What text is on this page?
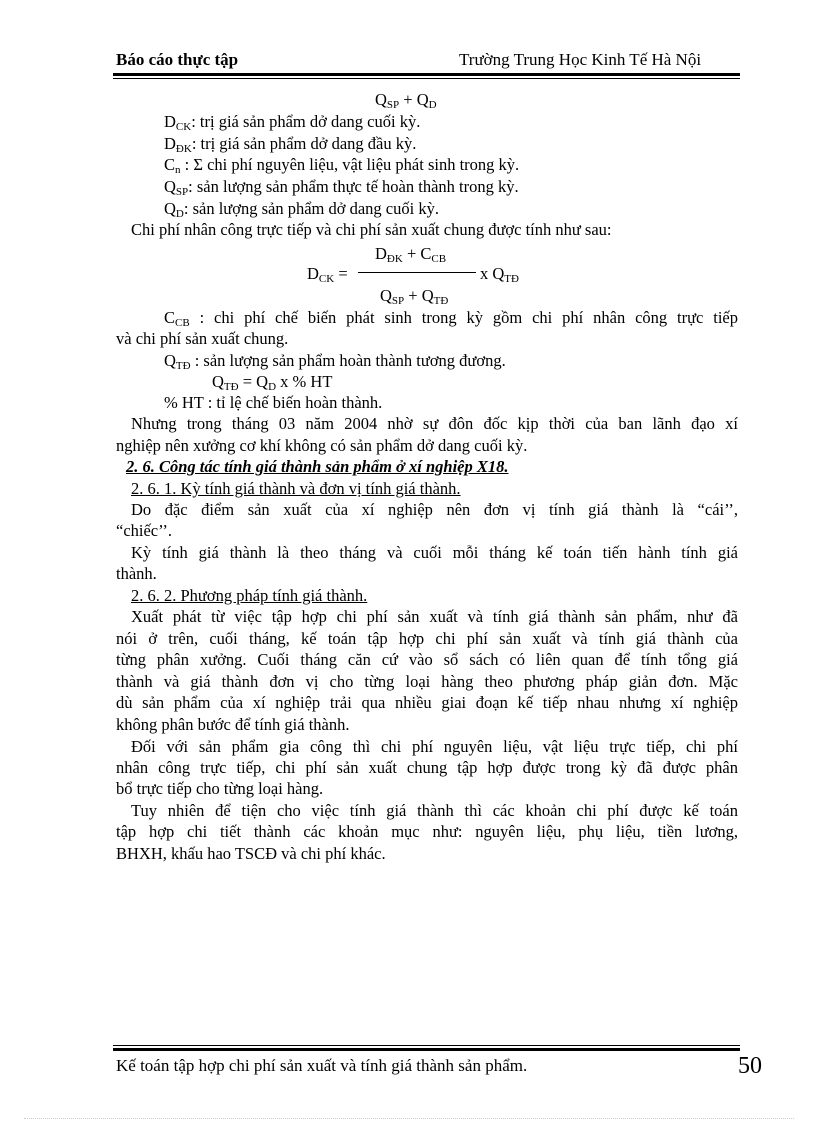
Báo cáo thực tập	Trường Trung Học Kinh Tế Hà Nội
$Q_{SP} + Q_D$
$D_{CK}$: trị giá sản phẩm dở dang cuối kỳ.
$D_{ĐK}$: trị giá sản phẩm dở dang đầu kỳ.
$C_n$ : Σ chi phí nguyên liệu, vật liệu phát sinh trong kỳ.
$Q_{SP}$: sản lượng sản phẩm thực tế hoàn thành trong kỳ.
$Q_D$: sản lượng sản phẩm dở dang cuối kỳ.
Chi phí nhân công trực tiếp và chi phí sản xuất chung được tính như sau:
$D_{ĐK} + C_{CB}$
$D_{CK}$ =	x $Q_{TĐ}$
$Q_{SP} + Q_{TĐ}$
$C_{CB}$ : chi phí chế biến phát sinh trong kỳ gồm chi phí nhân công trực tiếp
và chi phí sản xuất chung.
$Q_{TĐ}$ : sản lượng sản phẩm hoàn thành tương đương.
$Q_{TĐ} = Q_D$ x % HT
% HT : tỉ lệ chế biến hoàn thành.
Nhưng trong tháng 03 năm 2004 nhờ sự đôn đốc kịp thời của ban lãnh đạo xí
nghiệp nên xưởng cơ khí không có sản phẩm dở dang cuối kỳ.
2. 6. Công tác tính giá thành sản phẩm ở xí nghiệp X18.
2. 6. 1. Kỳ tính giá thành và đơn vị tính giá thành.
Do đặc điểm sản xuất của xí nghiệp nên đơn vị tính giá thành là “cái’’,
“chiếc’’.
Kỳ tính giá thành là theo tháng và cuối mỗi tháng kế toán tiến hành tính giá
thành.
2. 6. 2. Phương pháp tính giá thành.
Xuất phát từ việc tập hợp chi phí sản xuất và tính giá thành sản phẩm, như đã
nói ở trên, cuối tháng, kế toán tập hợp chi phí sản xuất và tính giá thành của
từng phân xưởng. Cuối tháng căn cứ vào sổ sách có liên quan để tính tổng giá
thành và giá thành đơn vị cho từng loại hàng theo phương pháp giản đơn. Mặc
dù sản phẩm của xí nghiệp trải qua nhiều giai đoạn kế tiếp nhau nhưng xí nghiệp
không phân bước để tính giá thành.
Đối với sản phẩm gia công thì chi phí nguyên liệu, vật liệu trực tiếp, chi phí
nhân công trực tiếp, chi phí sản xuất chung tập hợp được trong kỳ đã được phân
bổ trực tiếp cho từng loại hàng.
Tuy nhiên để tiện cho việc tính giá thành thì các khoản chi phí được kế toán
tập hợp chi tiết thành các khoản mục như: nguyên liệu, phụ liệu, tiền lương,
BHXH, khấu hao TSCĐ và chi phí khác.
Kế toán tập hợp chi phí sản xuất và tính giá thành sản phẩm.	50
